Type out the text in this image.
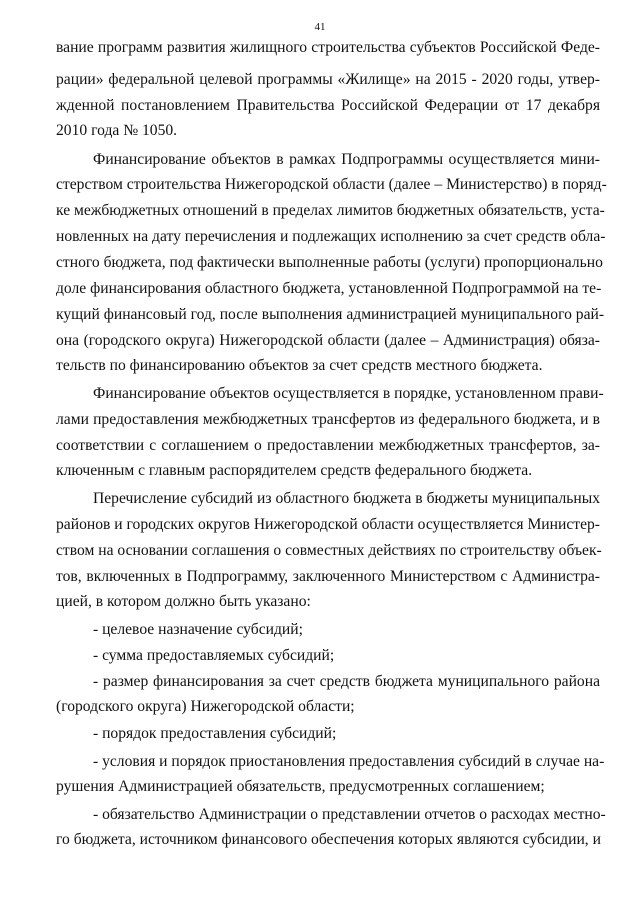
41
вание программ развития жилищного строительства субъектов Российской Феде-
рации» федеральной целевой программы «Жилище» на 2015 - 2020 годы, утвер-
жденной постановлением Правительства Российской Федерации от 17 декабря
2010 года № 1050.
Финансирование объектов в рамках Подпрограммы осуществляется мини-
стерством строительства Нижегородской области (далее – Министерство) в поряд-
ке межбюджетных отношений в пределах лимитов бюджетных обязательств, уста-
новленных на дату перечисления и подлежащих исполнению за счет средств обла-
стного бюджета, под фактически выполненные работы (услуги) пропорционально
доле финансирования областного бюджета, установленной Подпрограммой на те-
кущий финансовый год, после выполнения администрацией муниципального рай-
она (городского округа) Нижегородской области (далее – Администрация) обяза-
тельств по финансированию объектов за счет средств местного бюджета.
Финансирование объектов осуществляется в порядке, установленном прави-
лами предоставления межбюджетных трансфертов из федерального бюджета, и в
соответствии с соглашением о предоставлении межбюджетных трансфертов, за-
ключенным с главным распорядителем средств федерального бюджета.
Перечисление субсидий из областного бюджета в бюджеты муниципальных
районов и городских округов Нижегородской области осуществляется Министер-
ством на основании соглашения о совместных действиях по строительству объек-
тов, включенных в Подпрограмму, заключенного Министерством с Администра-
цией, в котором должно быть указано:
- целевое назначение субсидий;
- сумма предоставляемых субсидий;
- размер финансирования за счет средств бюджета муниципального района
(городского округа) Нижегородской области;
- порядок предоставления субсидий;
- условия и порядок приостановления предоставления субсидий в случае на-
рушения Администрацией обязательств, предусмотренных соглашением;
- обязательство Администрации о представлении отчетов о расходах местно-
го бюджета, источником финансового обеспечения которых являются субсидии, и
